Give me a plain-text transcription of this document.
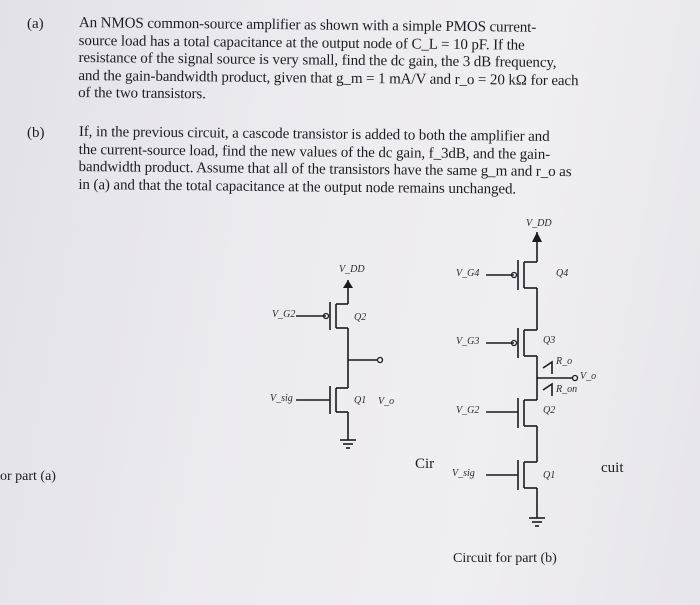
(a) An NMOS common-source amplifier as shown with a simple PMOS current-
source load has a total capacitance at the output node of C_L = 10 pF. If the
resistance of the signal source is very small, find the dc gain, the 3 dB frequency,
and the gain-bandwidth product, given that g_m = 1 mA/V and r_o = 20 kΩ for each
of the two transistors.
(b) If, in the previous circuit, a cascode transistor is added to both the amplifier and
the current-source load, find the new values of the dc gain, f_3dB, and the gain-
bandwidth product. Assume that all of the transistors have the same g_m and r_o as
in (a) and that the total capacitance at the output node remains unchanged.
V_DD
V_G2	Q2
V_sig	Q1 V_o
or part (a)
V_DD
V_G4	Q4
V_G3	Q3
R_o
R_on
V_o
V_G2	Q2
V_sig	Q1
Circuit for part (b)
Cir	cuit
